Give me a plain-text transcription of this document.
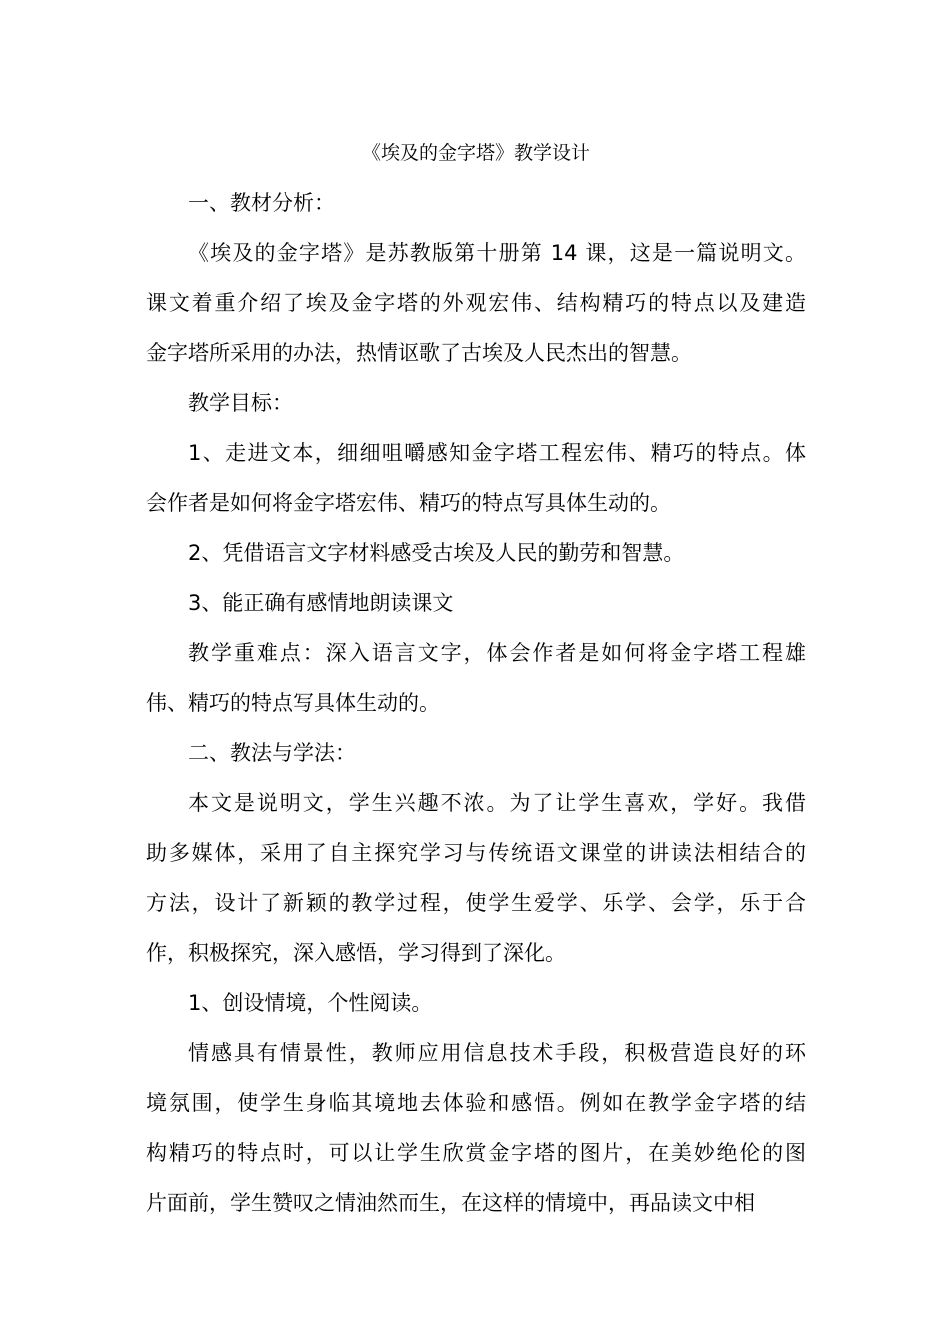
《埃及的金字塔》教学设计
一、教材分析：
《埃及的金字塔》是苏教版第十册第 14 课，这是一篇说明文。
课文着重介绍了埃及金字塔的外观宏伟、结构精巧的特点以及建造
金字塔所采用的办法，热情讴歌了古埃及人民杰出的智慧。
教学目标：
1、走进文本，细细咀嚼感知金字塔工程宏伟、精巧的特点。体
会作者是如何将金字塔宏伟、精巧的特点写具体生动的。
2、凭借语言文字材料感受古埃及人民的勤劳和智慧。
3、能正确有感情地朗读课文
教学重难点：深入语言文字，体会作者是如何将金字塔工程雄
伟、精巧的特点写具体生动的。
二、教法与学法：
本文是说明文，学生兴趣不浓。为了让学生喜欢，学好。我借
助多媒体，采用了自主探究学习与传统语文课堂的讲读法相结合的
方法，设计了新颖的教学过程，使学生爱学、乐学、会学，乐于合
作，积极探究，深入感悟，学习得到了深化。
1、创设情境，个性阅读。
情感具有情景性，教师应用信息技术手段，积极营造良好的环
境氛围，使学生身临其境地去体验和感悟。例如在教学金字塔的结
构精巧的特点时，可以让学生欣赏金字塔的图片，在美妙绝伦的图
片面前，学生赞叹之情油然而生，在这样的情境中，再品读文中相
